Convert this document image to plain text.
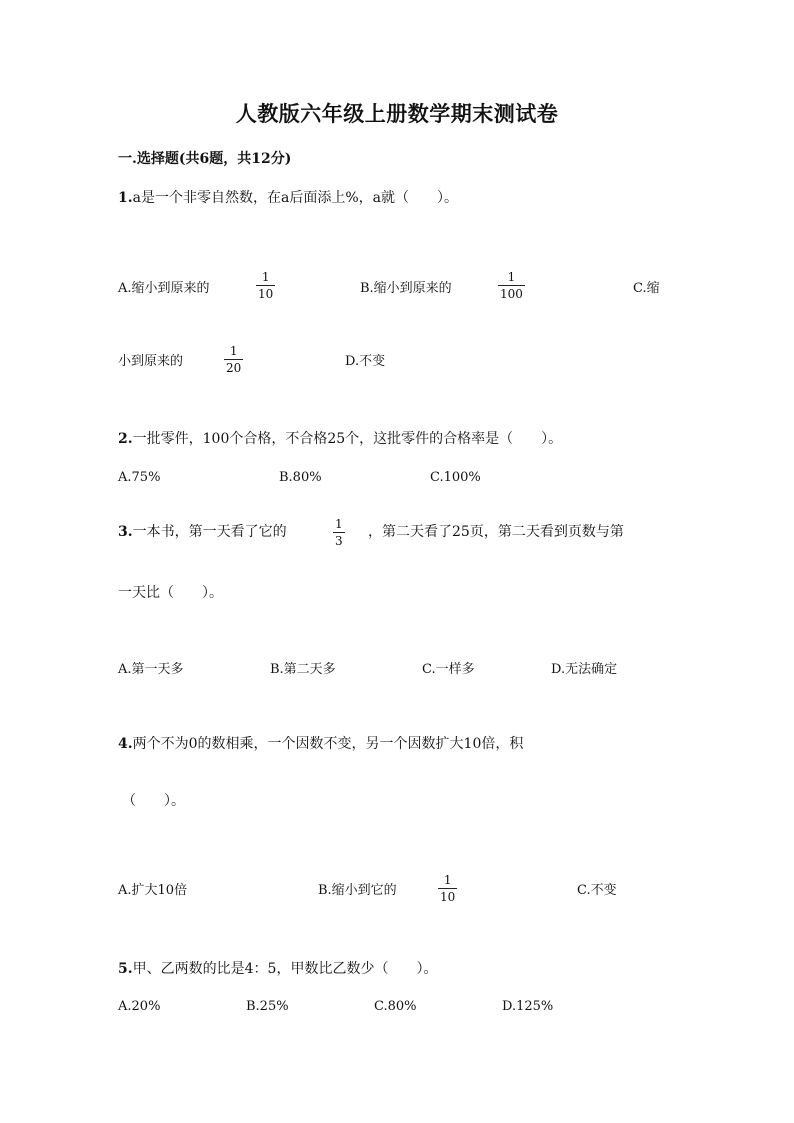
人教版六年级上册数学期末测试卷
一.选择题(共6题，共12分)
1.a是一个非零自然数，在a后面添上%，a就（　　）。
A.缩小到原来的
1
10	B.缩小到原来的
1
100	C.缩
小到原来的
1
20	D.不变
2.一批零件，100个合格，不合格25个，这批零件的合格率是（　　）。
A.75%	B.80%	C.100%
3.一本书，第一天看了它的	1
3
，第二天看了25页，第二天看到页数与第
一天比（　　）。
A.第一天多	B.第二天多	C.一样多	D.无法确定
4.两个不为0的数相乘，一个因数不变，另一个因数扩大10倍，积
（　　）。
A.扩大10倍	B.缩小到它的
1
10	C.不变
5.甲、乙两数的比是4：5，甲数比乙数少（　　）。
A.20%	B.25%	C.80%	D.125%
